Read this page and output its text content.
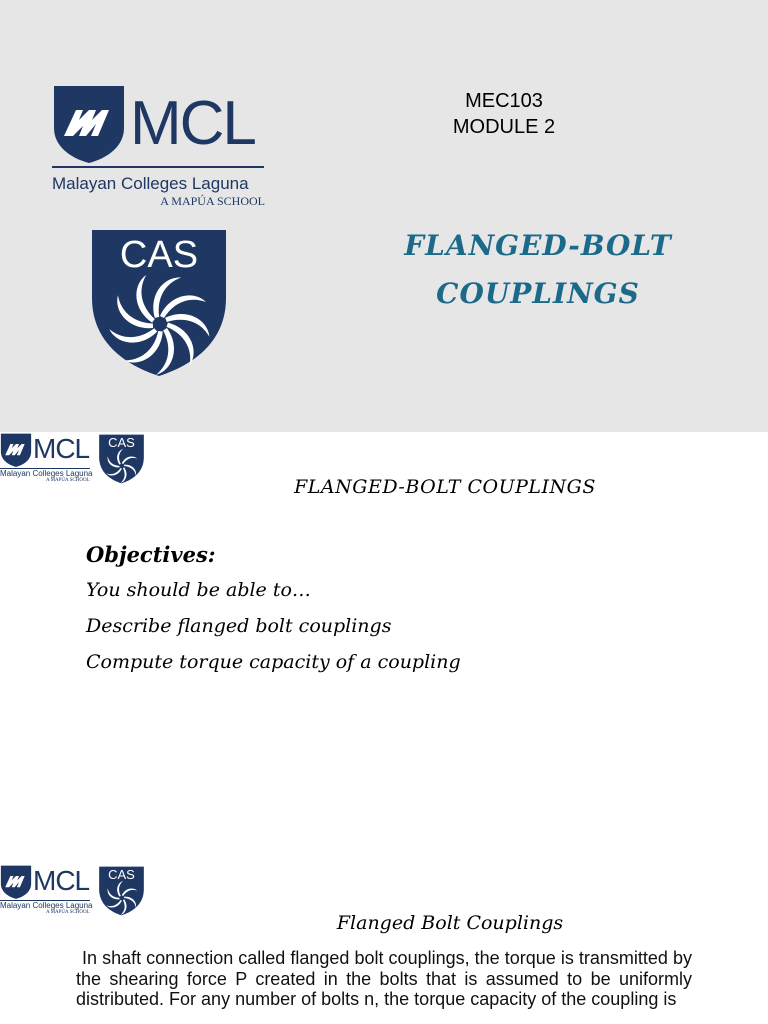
MCL
Malayan Colleges Laguna
A MAPÚA SCHOOL
CAS
MEC103
MODULE 2
FLANGED-BOLT
COUPLINGS
MCL
Malayan Colleges Laguna
A MAPÚA SCHOOL
CAS
FLANGED-BOLT COUPLINGS
Objectives:
You should be able to…
Describe flanged bolt couplings
Compute torque capacity of a coupling
MCL
Malayan Colleges Laguna
A MAPÚA SCHOOL
CAS
Flanged Bolt Couplings
In shaft connection called flanged bolt couplings, the torque is transmitted by the shearing force P created in the bolts that is assumed to be uniformly distributed. For any number of bolts n, the torque capacity of the coupling is
